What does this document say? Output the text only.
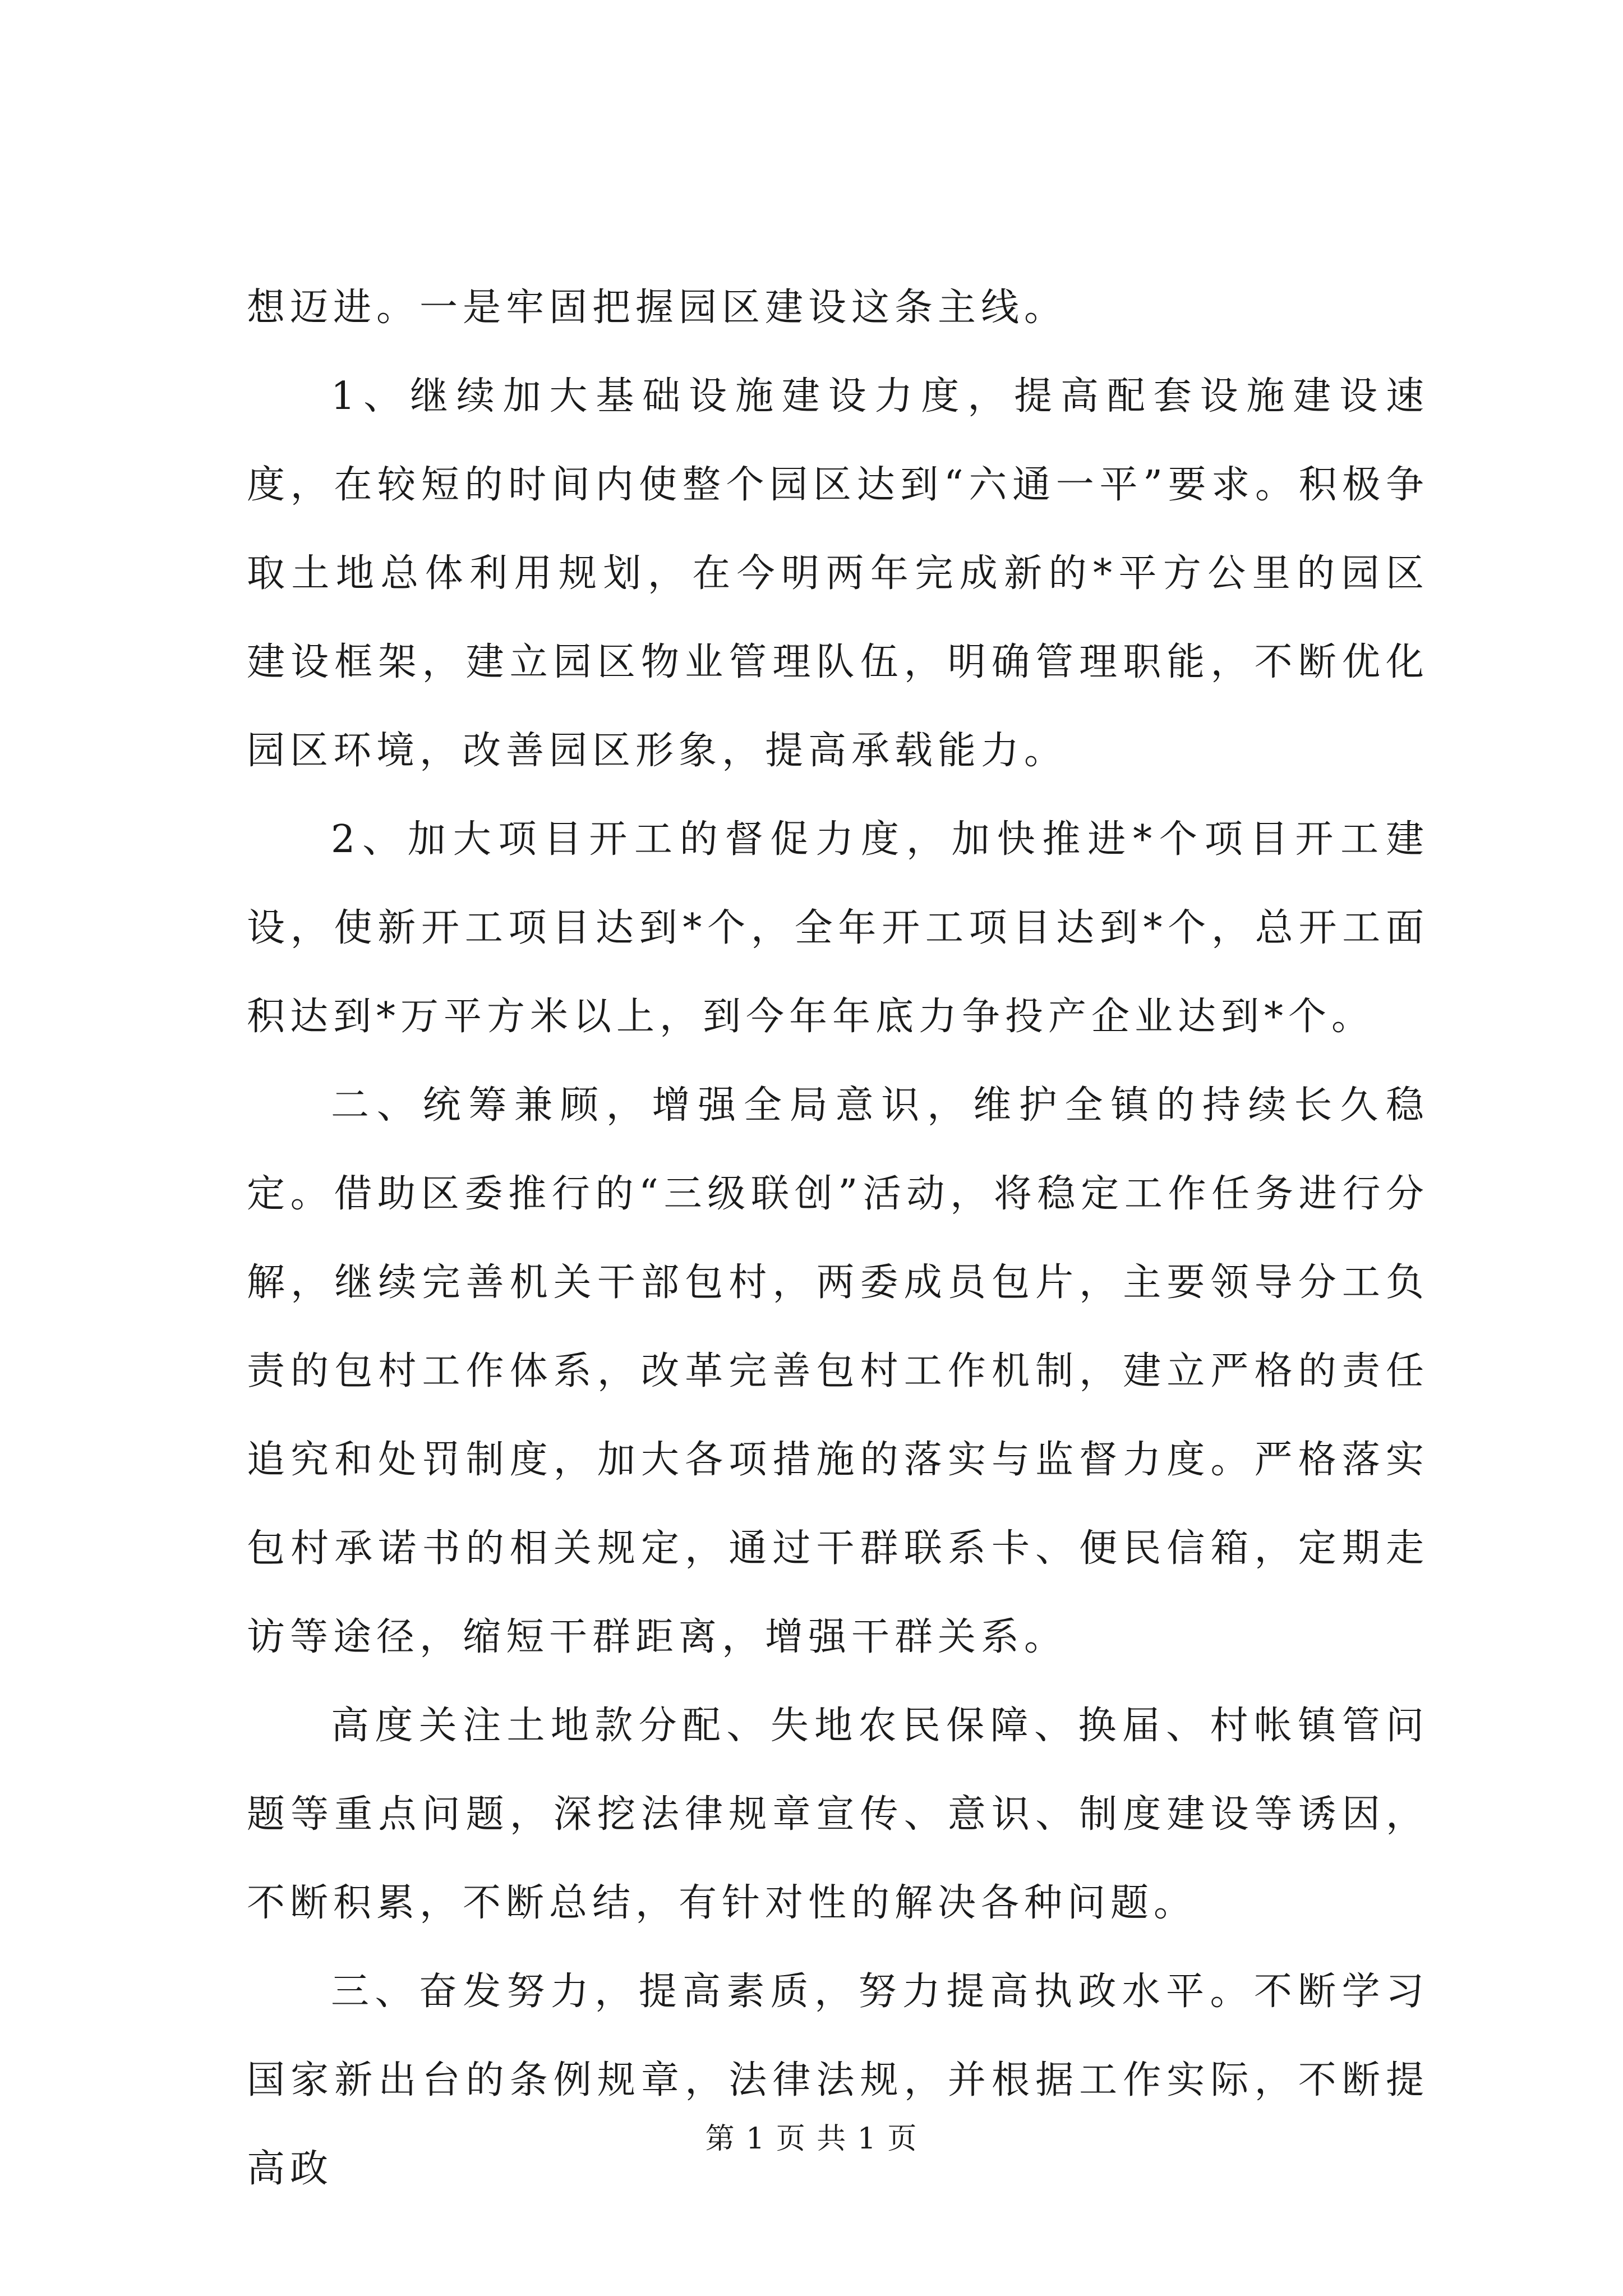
想迈进。一是牢固把握园区建设这条主线。

1、继续加大基础设施建设力度，提高配套设施建设速度，在较短的时间内使整个园区达到“六通一平”要求。积极争取土地总体利用规划，在今明两年完成新的*平方公里的园区建设框架，建立园区物业管理队伍，明确管理职能，不断优化园区环境，改善园区形象，提高承载能力。

2、加大项目开工的督促力度，加快推进*个项目开工建设，使新开工项目达到*个，全年开工项目达到*个，总开工面积达到*万平方米以上，到今年年底力争投产企业达到*个。

二、统筹兼顾，增强全局意识，维护全镇的持续长久稳定。借助区委推行的“三级联创”活动，将稳定工作任务进行分解，继续完善机关干部包村，两委成员包片，主要领导分工负责的包村工作体系，改革完善包村工作机制，建立严格的责任追究和处罚制度，加大各项措施的落实与监督力度。严格落实包村承诺书的相关规定，通过干群联系卡、便民信箱，定期走访等途径，缩短干群距离，增强干群关系。

高度关注土地款分配、失地农民保障、换届、村帐镇管问题等重点问题，深挖法律规章宣传、意识、制度建设等诱因，不断积累，不断总结，有针对性的解决各种问题。

三、奋发努力，提高素质，努力提高执政水平。不断学习国家新出台的条例规章，法律法规，并根据工作实际，不断提高政

第 1 页 共 1 页
